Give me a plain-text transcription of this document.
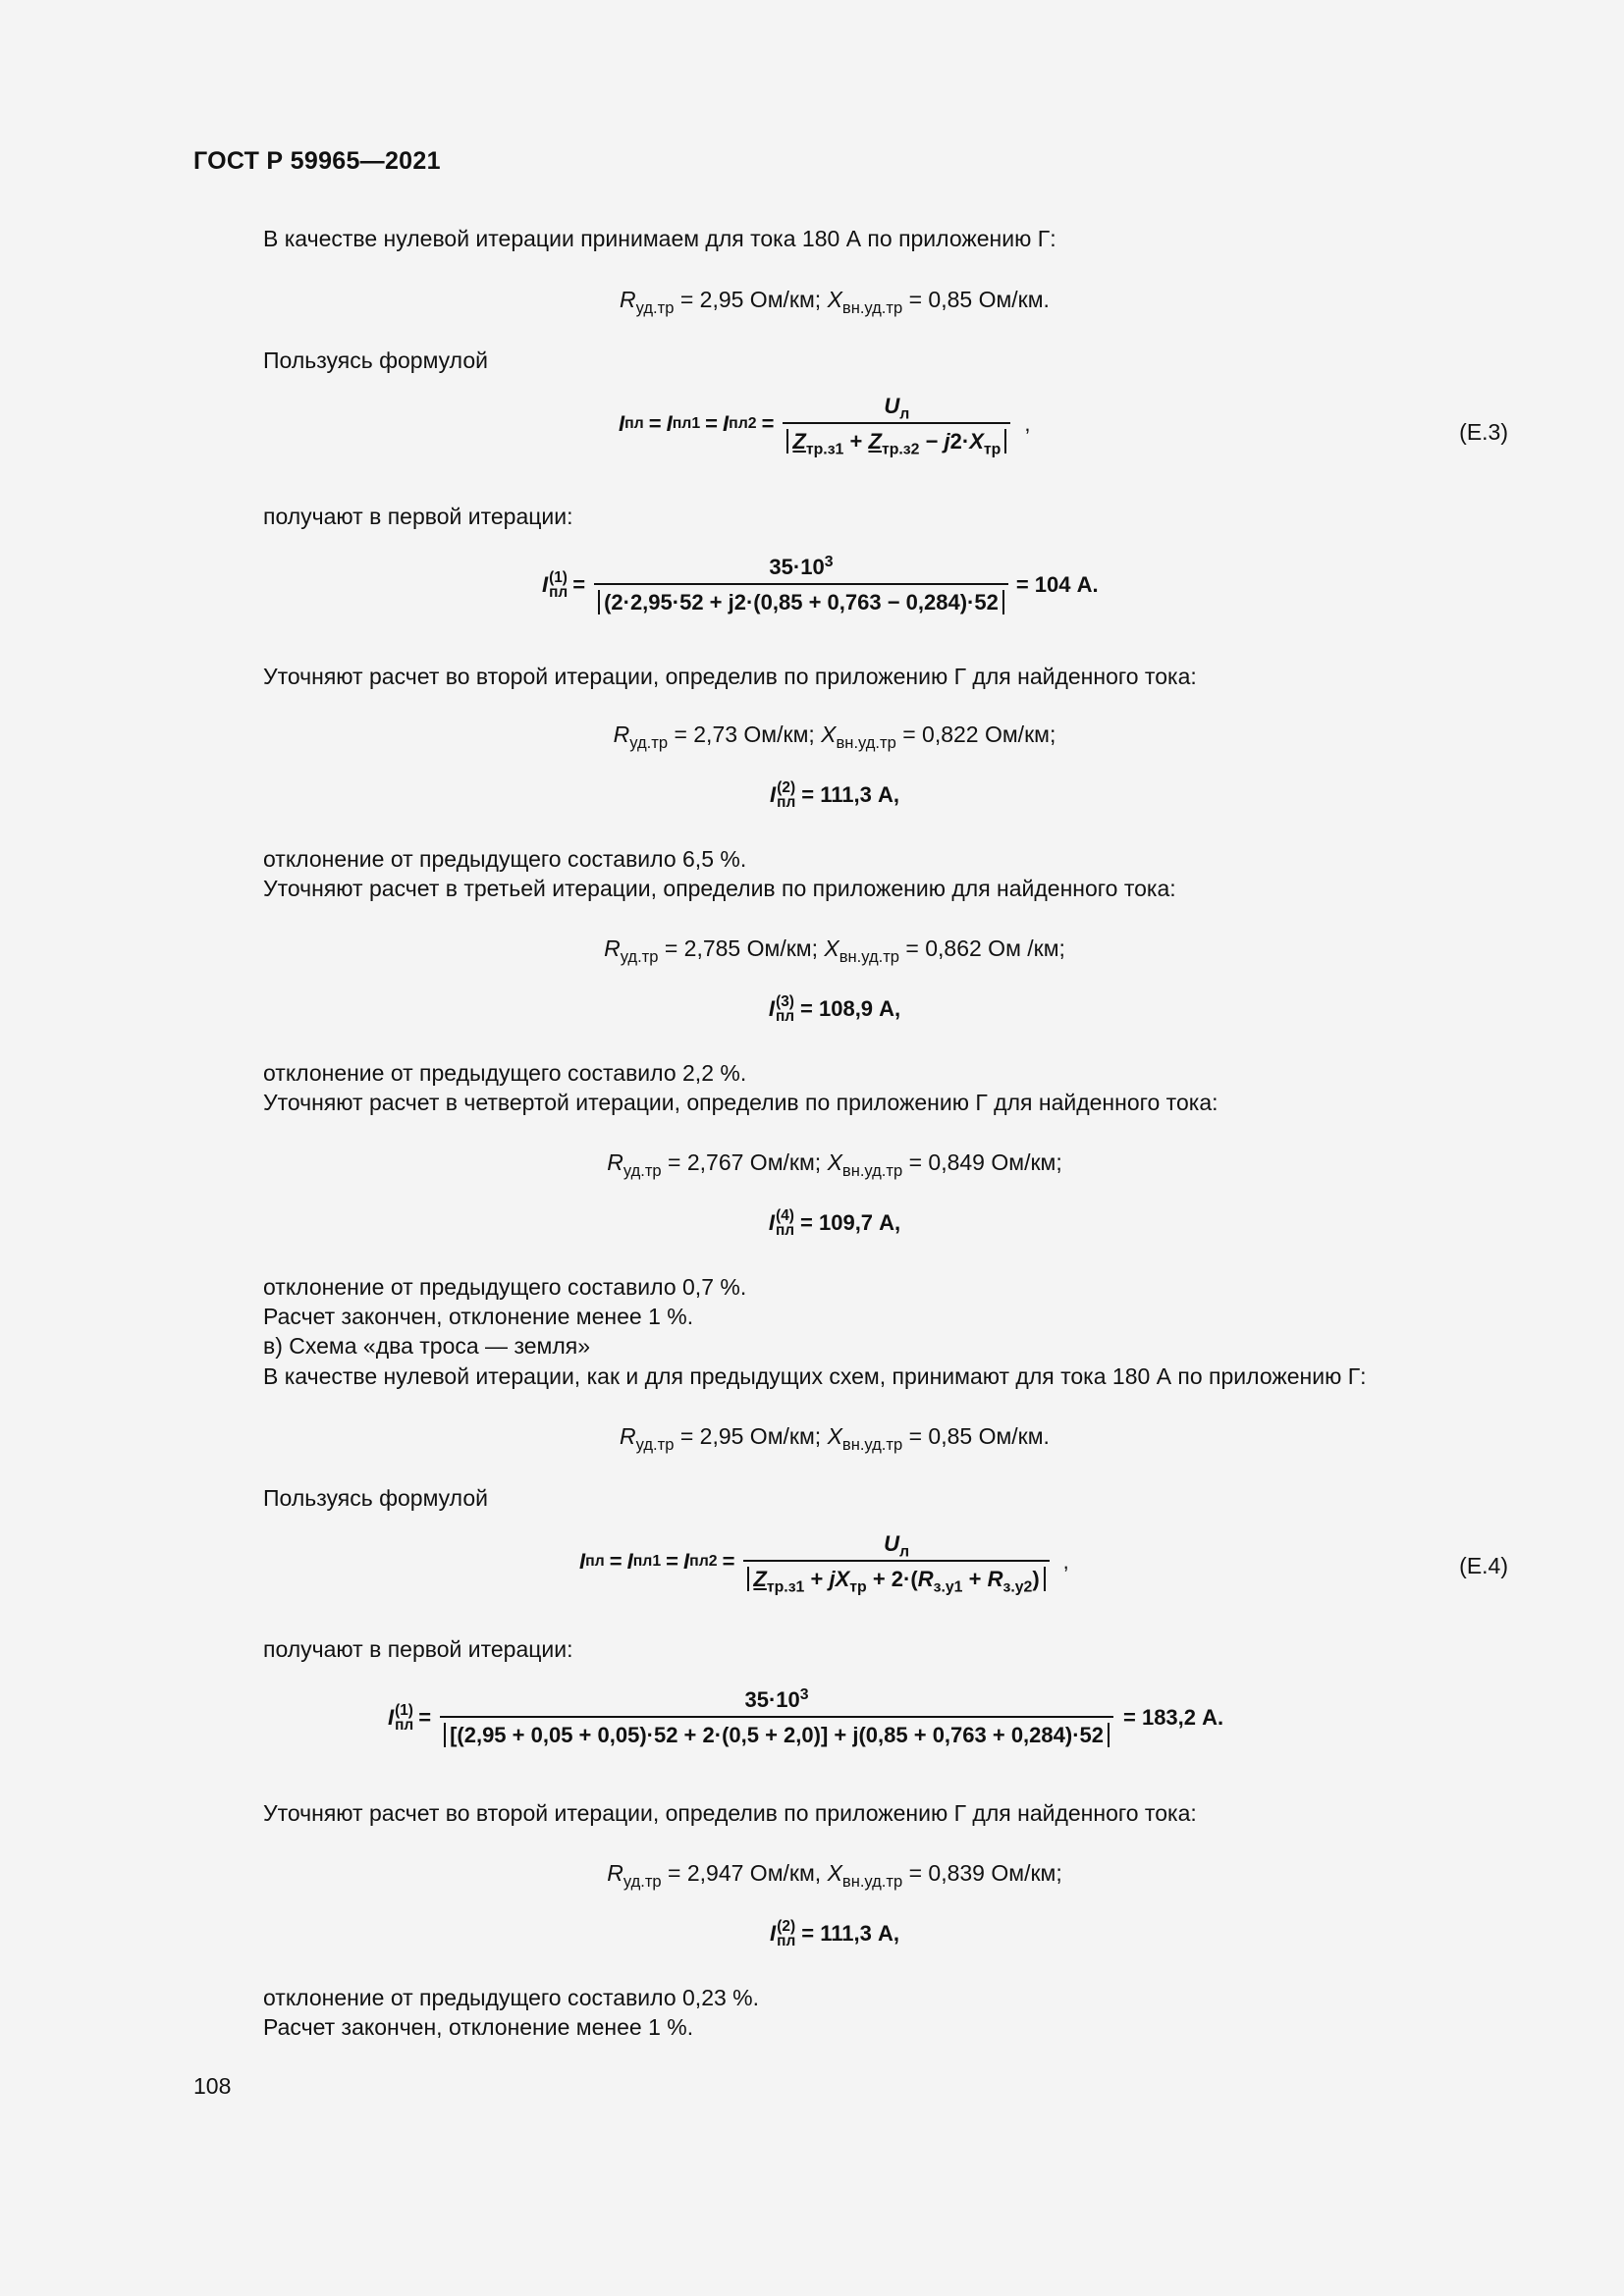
ГОСТ Р 59965—2021
В качестве нулевой итерации принимаем для тока 180 А по приложению Г:
$R_{уд.тр} = 2,95$ Ом/км; $X_{вн.уд.тр} = 0,85$ Ом/км.
Пользуясь формулой
I пл = I пл1 = I $пл2 = \frac{U_л}{Z_{тр.з1} + Z_{тр.з2} - j2\cdot X_{тр}}$ ,	(Е.3)
получают в первой итерации:
I (1)
пл = $\frac{35\cdot 10^3}{(2\cdot 2,95\cdot 52 + j2\cdot(0,85 + 0,763 - 0,284)\cdot 52} = 104$ А.
Уточняют расчет во второй итерации, определив по приложению Г для найденного тока:
$R_{уд.тр} = 2,73$ Ом/км; $X_{вн.уд.тр} = 0,822$ Ом/км;
I (2)
пл = 111,3 А,
отклонение от предыдущего составило 6,5 %.
Уточняют расчет в третьей итерации, определив по приложению для найденного тока:
$R_{уд.тр} = 2,785$ Ом/км; $X_{вн.уд.тр} = 0,862$ Ом /км;
I (3)
пл = 108,9 А,
отклонение от предыдущего составило 2,2 %.
Уточняют расчет в четвертой итерации, определив по приложению Г для найденного тока:
$R_{уд.тр} = 2,767$ Ом/км; $X_{вн.уд.тр} = 0,849$ Ом/км;
I (4)
пл = 109,7 А,
отклонение от предыдущего составило 0,7 %.
Расчет закончен, отклонение менее 1 %.
в) Схема «два троса — земля»
В качестве нулевой итерации, как и для предыдущих схем, принимают для тока 180 А по приложению Г:
$R_{уд.тр} = 2,95$ Ом/км; $X_{вн.уд.тр} = 0,85$ Ом/км.
Пользуясь формулой
I пл = I пл1 = I пл2 =
$U_л$
$Z_{тр.з1} + jX_{тр} + 2\cdot(R_{з.у1} + R_{з.у2})$
,	(Е.4)
получают в первой итерации:
I (1)
пл =
$35\cdot 10^3$
[(2,95 + 0,05 + 0,05)·52 + 2·(0,5 + 2,0)] + j(0,85 + 0,763 + 0,284)·52
= 183,2 А.
Уточняют расчет во второй итерации, определив по приложению Г для найденного тока:
$R_{уд.тр} = 2,947$ Ом/км, $X_{вн.уд.тр} = 0,839$ Ом/км;
I (2)
пл = 111,3 А,
отклонение от предыдущего составило 0,23 %.
Расчет закончен, отклонение менее 1 %.
108
